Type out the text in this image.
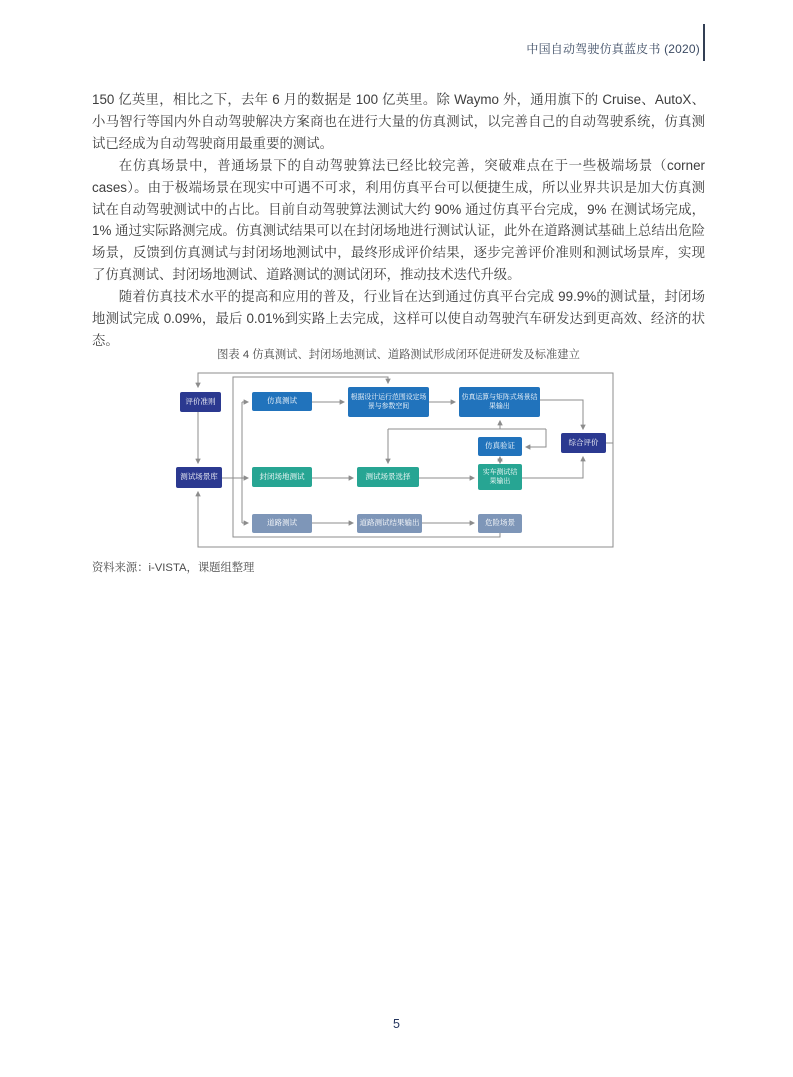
中国自动驾驶仿真蓝皮书 (2020)

150 亿英里，相比之下，去年 6 月的数据是 100 亿英里。除 Waymo 外，通用旗下的 Cruise、AutoX、小马智行等国内外自动驾驶解决方案商也在进行大量的仿真测试，以完善自己的自动驾驶系统，仿真测试已经成为自动驾驶商用最重要的测试。

在仿真场景中，普通场景下的自动驾驶算法已经比较完善，突破难点在于一些极端场景（corner cases）。由于极端场景在现实中可遇不可求，利用仿真平台可以便捷生成，所以业界共识是加大仿真测试在自动驾驶测试中的占比。目前自动驾驶算法测试大约 90% 通过仿真平台完成，9% 在测试场完成，1% 通过实际路测完成。仿真测试结果可以在封闭场地进行测试认证，此外在道路测试基础上总结出危险场景，反馈到仿真测试与封闭场地测试中，最终形成评价结果，逐步完善评价准则和测试场景库，实现了仿真测试、封闭场地测试、道路测试的测试闭环，推动技术迭代升级。

随着仿真技术水平的提高和应用的普及，行业旨在达到通过仿真平台完成 99.9%的测试量，封闭场地测试完成 0.09%，最后 0.01%到实路上去完成，这样可以使自动驾驶汽车研发达到更高效、经济的状态。

图表 4 仿真测试、封闭场地测试、道路测试形成闭环促进研发及标准建立
评价准则	仿真测试	根据设计运行范围设定场景与参数空间
仿真运算与矩阵式场景结果输出
仿真验证	综合评价
测试场景库	封闭场地测试	测试场景选择	实车测试结果输出
道路测试	道路测试结果输出	危险场景
资料来源：i-VISTA，课题组整理
5
